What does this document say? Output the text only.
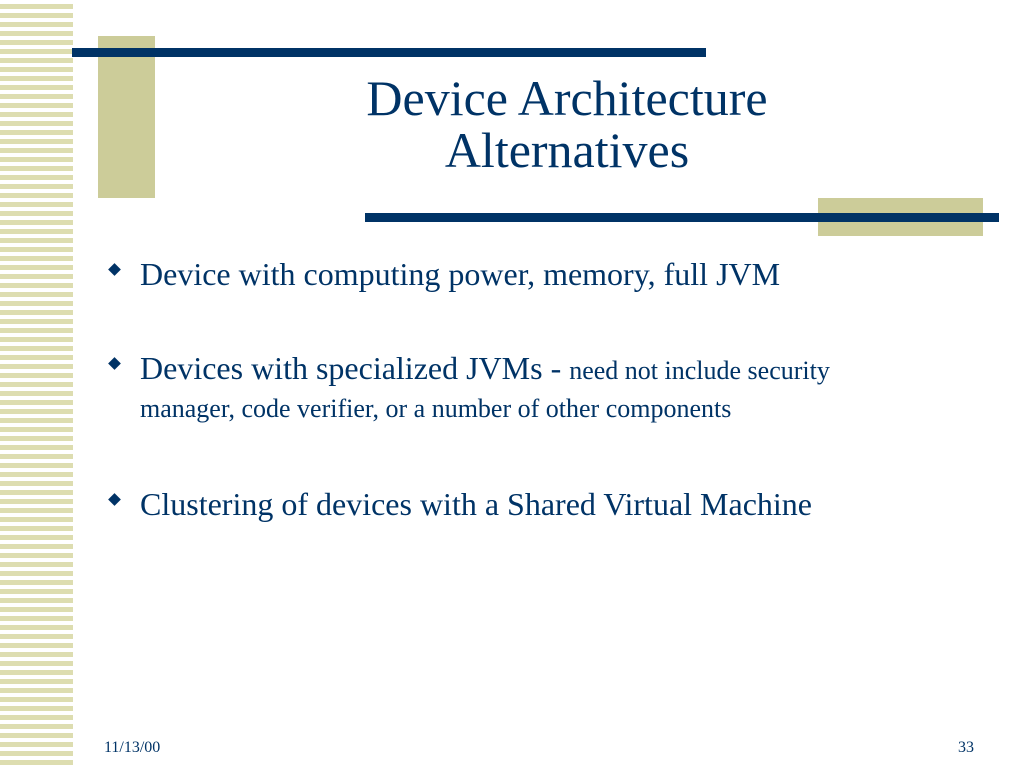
Device Architecture
Alternatives
Device with computing power, memory, full JVM
Devices with specialized JVMs - need not include security manager, code verifier, or a number of other components
Clustering of devices with a Shared Virtual Machine
11/13/00	33
